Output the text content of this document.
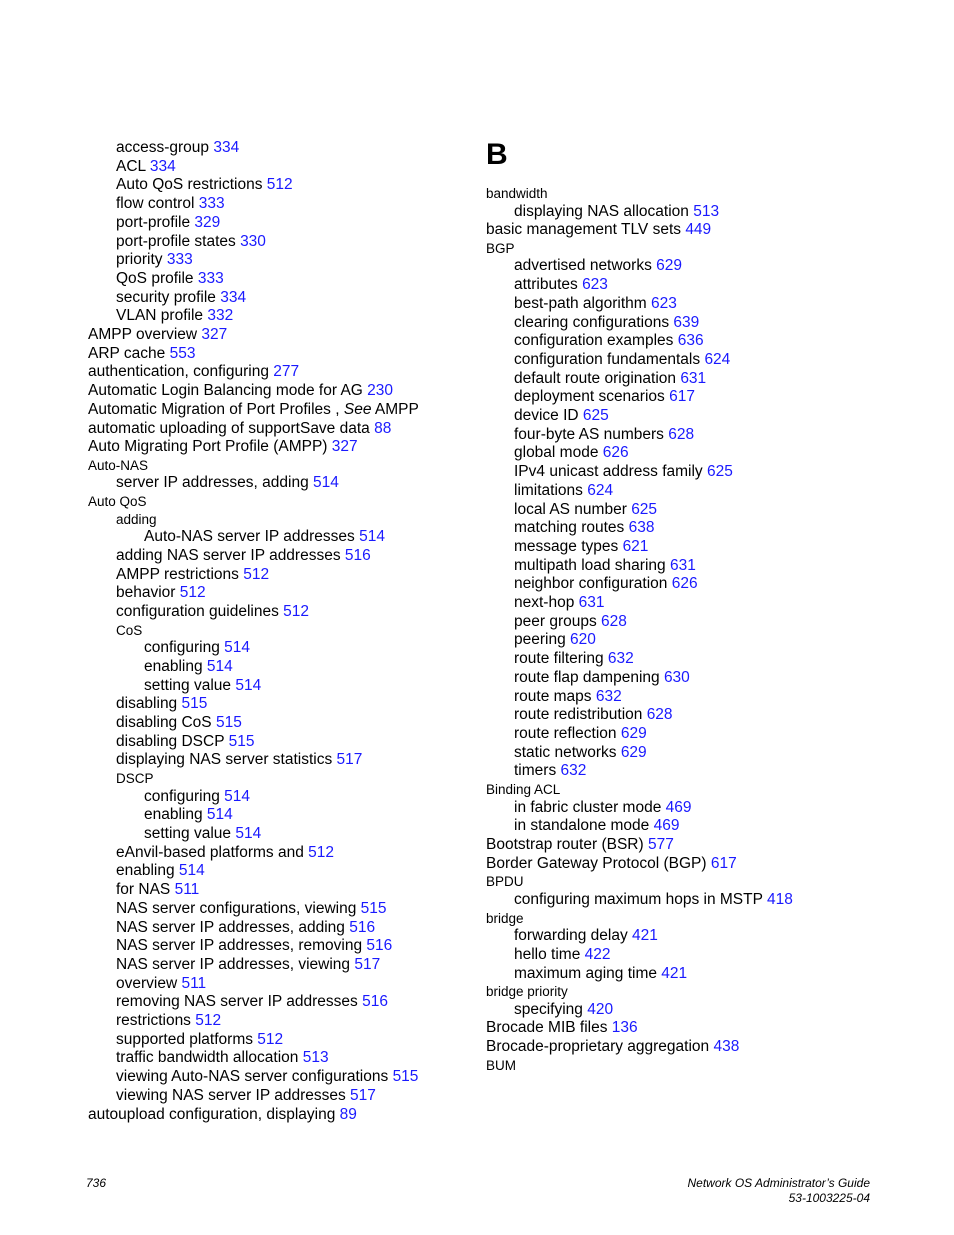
access-group 334
ACL 334
Auto QoS restrictions 512
flow control 333
port-profile 329
port-profile states 330
priority 333
QoS profile 333
security profile 334
VLAN profile 332
AMPP overview 327
ARP cache 553
authentication, configuring 277
Automatic Login Balancing mode for AG 230
Automatic Migration of Port Profiles , See AMPP
automatic uploading of supportSave data 88
Auto Migrating Port Profile (AMPP) 327
Auto-NAS
server IP addresses, adding 514
Auto QoS
adding
Auto-NAS server IP addresses 514
adding NAS server IP addresses 516
AMPP restrictions 512
behavior 512
configuration guidelines 512
CoS
configuring 514
enabling 514
setting value 514
disabling 515
disabling CoS 515
disabling DSCP 515
displaying NAS server statistics 517
DSCP
configuring 514
enabling 514
setting value 514
eAnvil-based platforms and 512
enabling 514
for NAS 511
NAS server configurations, viewing 515
NAS server IP addresses, adding 516
NAS server IP addresses, removing 516
NAS server IP addresses, viewing 517
overview 511
removing NAS server IP addresses 516
restrictions 512
supported platforms 512
traffic bandwidth allocation 513
viewing Auto-NAS server configurations 515
viewing NAS server IP addresses 517
autoupload configuration, displaying 89
B
bandwidth
displaying NAS allocation 513
basic management TLV sets 449
BGP
advertised networks 629
attributes 623
best-path algorithm 623
clearing configurations 639
configuration examples 636
configuration fundamentals 624
default route origination 631
deployment scenarios 617
device ID 625
four-byte AS numbers 628
global mode 626
IPv4 unicast address family 625
limitations 624
local AS number 625
matching routes 638
message types 621
multipath load sharing 631
neighbor configuration 626
next-hop 631
peer groups 628
peering 620
route filtering 632
route flap dampening 630
route maps 632
route redistribution 628
route reflection 629
static networks 629
timers 632
Binding ACL
in fabric cluster mode 469
in standalone mode 469
Bootstrap router (BSR) 577
Border Gateway Protocol (BGP) 617
BPDU
configuring maximum hops in MSTP 418
bridge
forwarding delay 421
hello time 422
maximum aging time 421
bridge priority
specifying 420
Brocade MIB files 136
Brocade-proprietary aggregation 438
BUM
736	Network OS Administrator’s Guide
53-1003225-04
